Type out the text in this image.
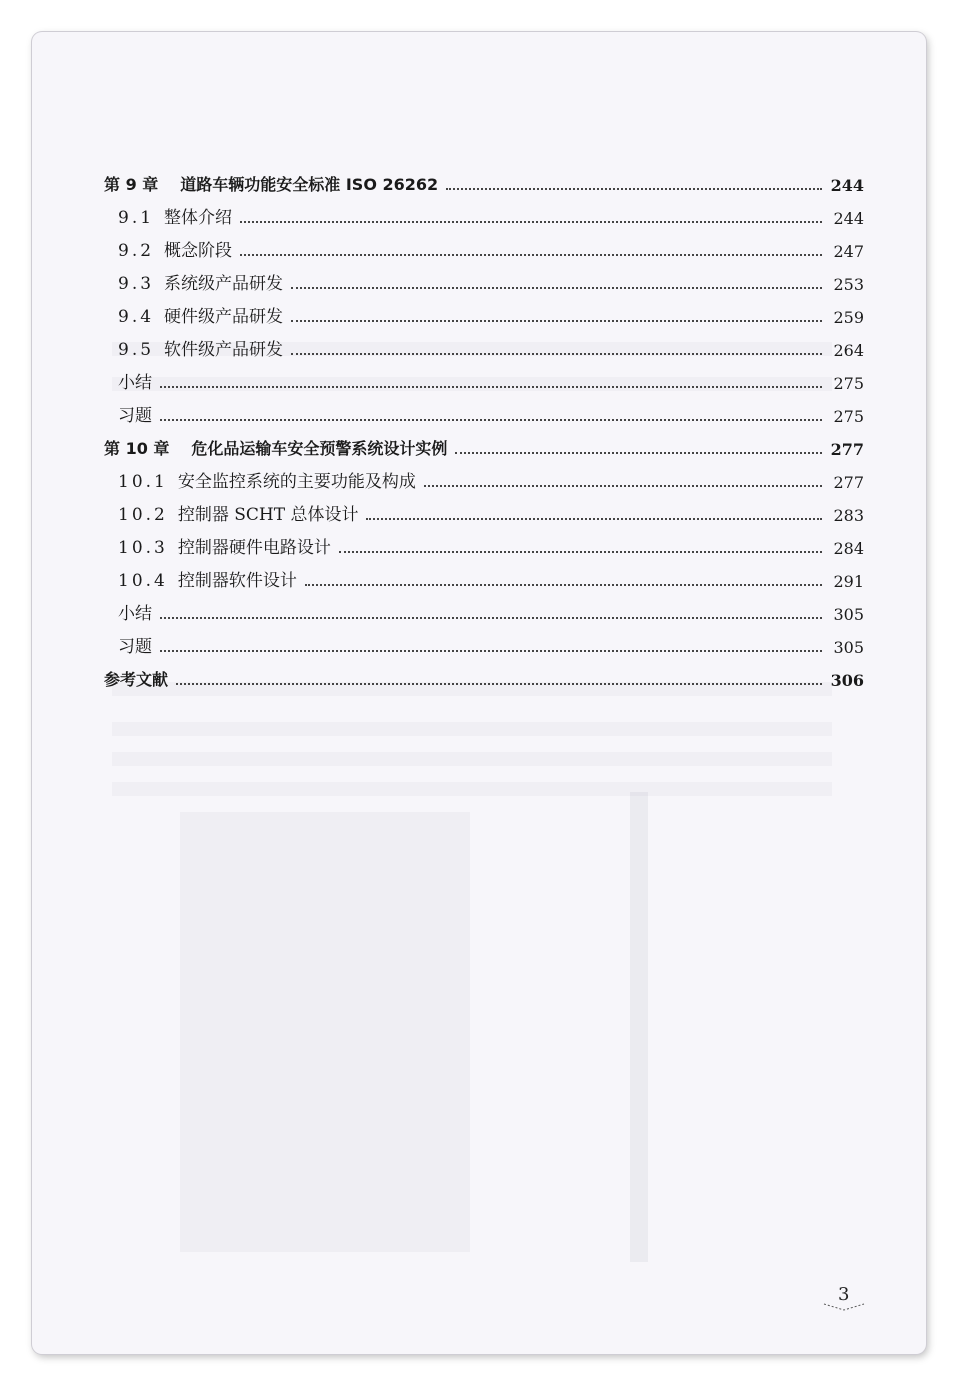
第 9 章 道路车辆功能安全标准 ISO 26262	244
9.1 整体介绍	244
9.2 概念阶段	247
9.3 系统级产品研发	253
9.4 硬件级产品研发	259
9.5 软件级产品研发	264
小结	275
习题	275
第 10 章 危化品运输车安全预警系统设计实例	277
10.1 安全监控系统的主要功能及构成	277
10.2 控制器 SCHT 总体设计	283
10.3 控制器硬件电路设计	284
10.4 控制器软件设计	291
小结	305
习题	305
参考文献	306
3
